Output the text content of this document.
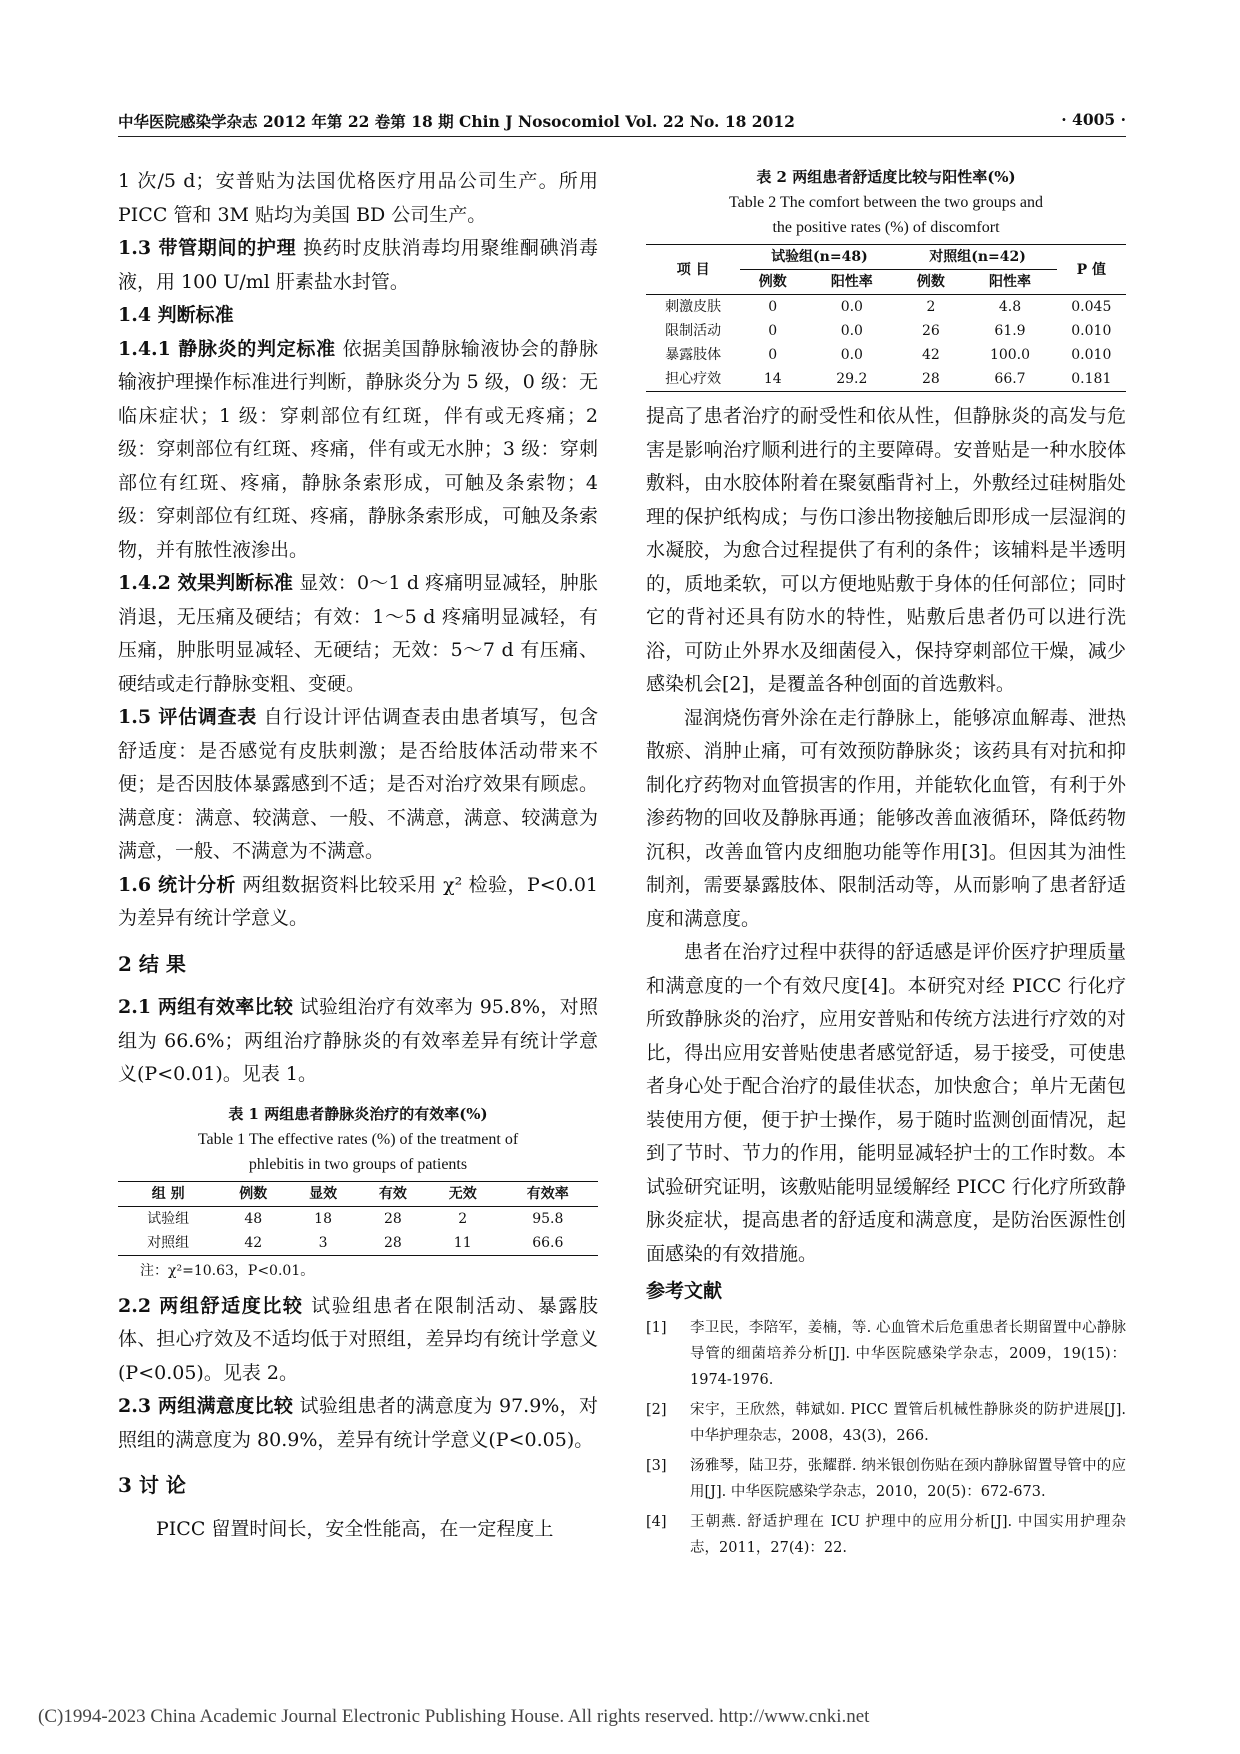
中华医院感染学杂志 2012 年第 22 卷第 18 期 Chin J Nosocomiol Vol. 22 No. 18 2012	· 4005 ·

1 次/5 d；安普贴为法国优格医疗用品公司生产。所用 PICC 管和 3M 贴均为美国 BD 公司生产。

1.3 带管期间的护理 换药时皮肤消毒均用聚维酮碘消毒液，用 100 U/ml 肝素盐水封管。

1.4 判断标准

1.4.1 静脉炎的判定标准 依据美国静脉输液协会的静脉输液护理操作标准进行判断，静脉炎分为 5 级，0 级：无临床症状；1 级：穿刺部位有红斑，伴有或无疼痛；2 级：穿刺部位有红斑、疼痛，伴有或无水肿；3 级：穿刺部位有红斑、疼痛，静脉条索形成，可触及条索物；4 级：穿刺部位有红斑、疼痛，静脉条索形成，可触及条索物，并有脓性液渗出。

1.4.2 效果判断标准 显效：0～1 d 疼痛明显减轻，肿胀消退，无压痛及硬结；有效：1～5 d 疼痛明显减轻，有压痛，肿胀明显减轻、无硬结；无效：5～7 d 有压痛、硬结或走行静脉变粗、变硬。

1.5 评估调查表 自行设计评估调查表由患者填写，包含舒适度：是否感觉有皮肤刺激；是否给肢体活动带来不便；是否因肢体暴露感到不适；是否对治疗效果有顾虑。满意度：满意、较满意、一般、不满意，满意、较满意为满意，一般、不满意为不满意。

1.6 统计分析 两组数据资料比较采用 χ² 检验，P<0.01 为差异有统计学意义。

2 结 果

2.1 两组有效率比较 试验组治疗有效率为 95.8%，对照组为 66.6%；两组治疗静脉炎的有效率差异有统计学意义(P<0.01)。见表 1。

表 1 两组患者静脉炎治疗的有效率(%)
Table 1 The effective rates (%) of the treatment of
phlebitis in two groups of patients
组 别	例数	显效	有效	无效	有效率
试验组	48	18	28	2	95.8
对照组	42	3	28	11	66.6
注：χ²=10.63，P<0.01。

2.2 两组舒适度比较 试验组患者在限制活动、暴露肢体、担心疗效及不适均低于对照组，差异均有统计学意义(P<0.05)。见表 2。

2.3 两组满意度比较 试验组患者的满意度为 97.9%，对照组的满意度为 80.9%，差异有统计学意义(P<0.05)。

3 讨 论

PICC 留置时间长，安全性能高，在一定程度上

表 2 两组患者舒适度比较与阳性率(%)
Table 2 The comfort between the two groups and
the positive rates (%) of discomfort
项 目	试验组(n=48)		对照组(n=42)		P 值
	例数	阳性率	例数	阳性率	
刺激皮肤	0	0.0	2	4.8	0.045
限制活动	0	0.0	26	61.9	0.010
暴露肢体	0	0.0	42	100.0	0.010
担心疗效	14	29.2	28	66.7	0.181

提高了患者治疗的耐受性和依从性，但静脉炎的高发与危害是影响治疗顺利进行的主要障碍。安普贴是一种水胶体敷料，由水胶体附着在聚氨酯背衬上，外敷经过硅树脂处理的保护纸构成；与伤口渗出物接触后即形成一层湿润的水凝胶，为愈合过程提供了有利的条件；该辅料是半透明的，质地柔软，可以方便地贴敷于身体的任何部位；同时它的背衬还具有防水的特性，贴敷后患者仍可以进行洗浴，可防止外界水及细菌侵入，保持穿刺部位干燥，减少感染机会[2]，是覆盖各种创面的首选敷料。

湿润烧伤膏外涂在走行静脉上，能够凉血解毒、泄热散瘀、消肿止痛，可有效预防静脉炎；该药具有对抗和抑制化疗药物对血管损害的作用，并能软化血管，有利于外渗药物的回收及静脉再通；能够改善血液循环，降低药物沉积，改善血管内皮细胞功能等作用[3]。但因其为油性制剂，需要暴露肢体、限制活动等，从而影响了患者舒适度和满意度。

患者在治疗过程中获得的舒适感是评价医疗护理质量和满意度的一个有效尺度[4]。本研究对经 PICC 行化疗所致静脉炎的治疗，应用安普贴和传统方法进行疗效的对比，得出应用安普贴使患者感觉舒适，易于接受，可使患者身心处于配合治疗的最佳状态，加快愈合；单片无菌包装使用方便，便于护士操作，易于随时监测创面情况，起到了节时、节力的作用，能明显减轻护士的工作时数。本试验研究证明，该敷贴能明显缓解经 PICC 行化疗所致静脉炎症状，提高患者的舒适度和满意度，是防治医源性创面感染的有效措施。

参考文献

[1]	李卫民，李陪军，姜楠，等. 心血管术后危重患者长期留置中心静脉导管的细菌培养分析[J]. 中华医院感染学杂志，2009，19(15)：1974-1976.
[2]	宋宇，王欣然，韩斌如. PICC 置管后机械性静脉炎的防护进展[J]. 中华护理杂志，2008，43(3)，266.
[3]	汤雅琴，陆卫芬，张耀群. 纳米银创伤贴在颈内静脉留置导管中的应用[J]. 中华医院感染学杂志，2010，20(5)：672-673.
[4]	王朝燕. 舒适护理在 ICU 护理中的应用分析[J]. 中国实用护理杂志，2011，27(4)：22.
(C)1994-2023 China Academic Journal Electronic Publishing House. All rights reserved. http://www.cnki.net
